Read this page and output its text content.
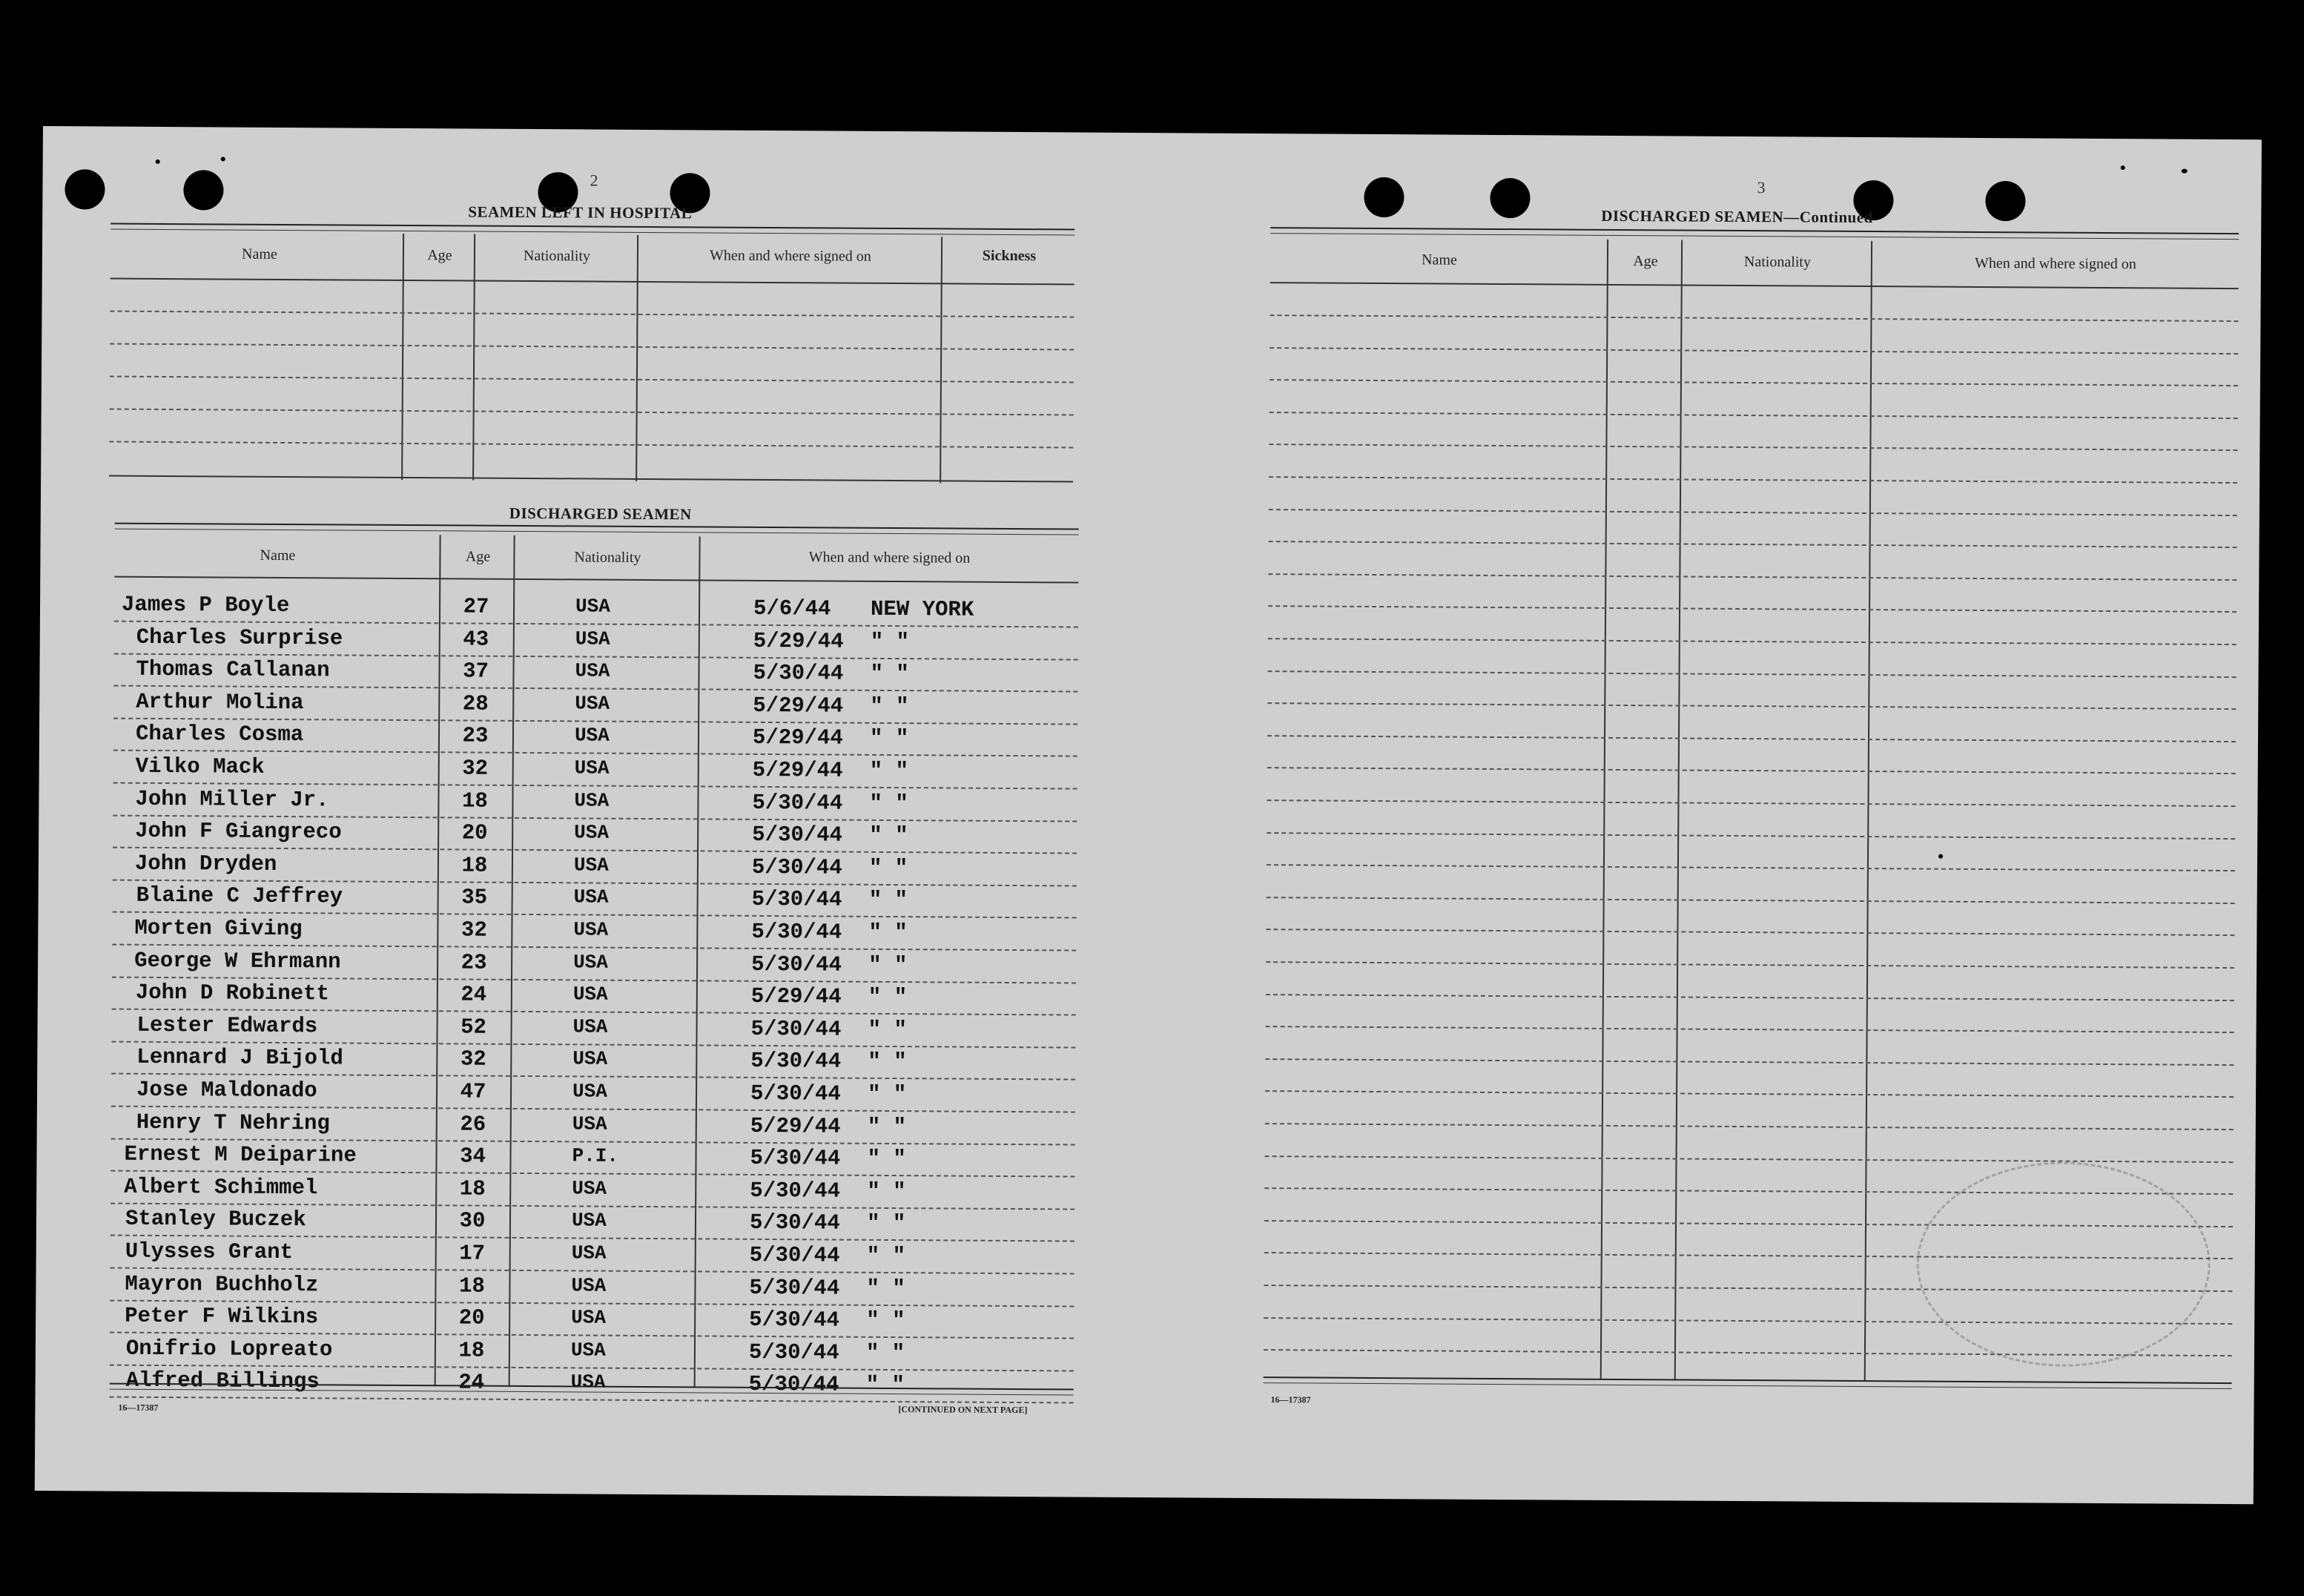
2
SEAMEN LEFT IN HOSPITAL
Name	Age	Nationality	When and where signed on	Sickness
DISCHARGED SEAMEN
Name	Age	Nationality	When and where signed on
James P Boyle	27	USA	5/6/44 NEW YORK
Charles Surprise	43	USA	5/29/44 " "
Thomas Callanan	37	USA	5/30/44 " "
Arthur Molina	28	USA	5/29/44 " "
Charles Cosma	23	USA	5/29/44 " "
Vilko Mack	32	USA	5/29/44 " "
John Miller Jr.	18	USA	5/30/44 " "
John F Giangreco	20	USA	5/30/44 " "
John Dryden	18	USA	5/30/44 " "
Blaine C Jeffrey	35	USA	5/30/44 " "
Morten Giving	32	USA	5/30/44 " "
George W Ehrmann	23	USA	5/30/44 " "
John D Robinett	24	USA	5/29/44 " "
Lester Edwards	52	USA	5/30/44 " "
Lennard J Bijold	32	USA	5/30/44 " "
Jose Maldonado	47	USA	5/30/44 " "
Henry T Nehring	26	USA	5/29/44 " "
Ernest M Deiparine	34	P.I.	5/30/44 " "
Albert Schimmel	18	USA	5/30/44 " "
Stanley Buczek	30	USA	5/30/44 " "
Ulysses Grant	17	USA	5/30/44 " "
Mayron Buchholz	18	USA	5/30/44 " "
Peter F Wilkins	20	USA	5/30/44 " "
Onifrio Lopreato	18	USA	5/30/44 " "
Alfred Billings	24	USA	5/30/44 " "
16—17387	[CONTINUED ON NEXT PAGE]
3
DISCHARGED SEAMEN—Continued
Name	Age	Nationality	When and where signed on
16—17387
